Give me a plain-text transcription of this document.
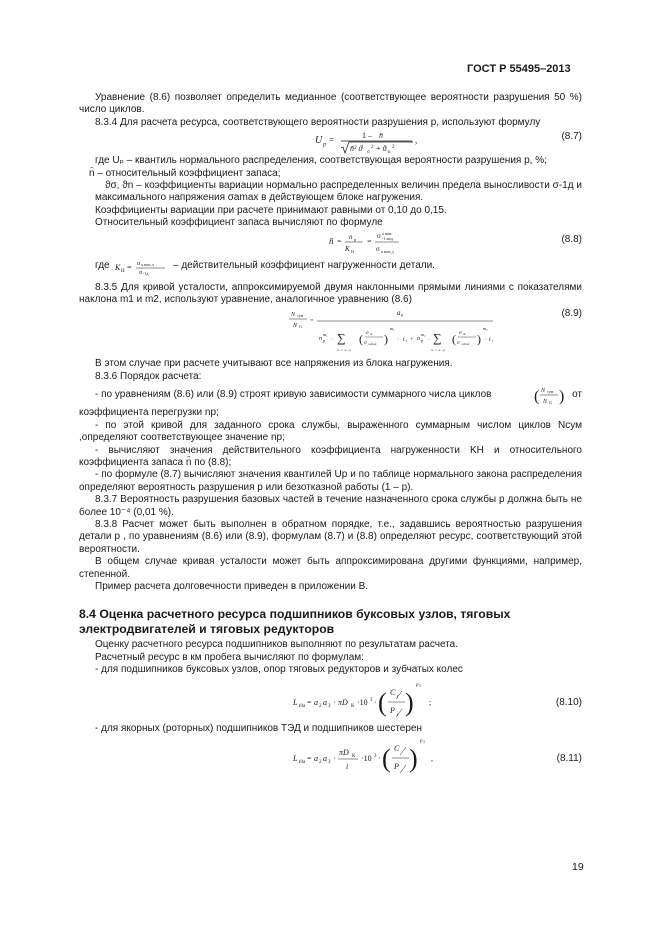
ГОСТ Р 55495–2013

Уравнение (8.6) позволяет определить медианное (соответствующее вероятности разрушения 50 %) число циклов.

8.3.4 Для расчета ресурса, соответствующего вероятности разрушения p, используют формулу

U p =	1 – n̄
n̄² ϑ σ
2 + ϑ n
2
,	(8.7)

где Uₚ – квантиль нормального распределения, соответствующая вероятности разрушения p, %;

n̄ – относительный коэффициент запаса;

ϑσ, ϑn – коэффициенты вариации нормально распределенных величин предела выносливости σ-1д и максимального напряжения σamax в действующем блоке нагружения.

Коэффициенты вариации при расчете принимают равными от 0,10 до 0,15.

Относительный коэффициент запаса вычисляют по формуле

n̄ = n p
K Н
=
σ a max
-1 мод
σ a max д
(8.8)
где K Н = σ a max д
σ -1д
– действительный коэффициент нагруженности детали.

8.3.5 Для кривой усталости, аппроксимируемой двумя наклонными прямыми линиями с показателями наклона m1 и m2, используют уравнение, аналогичное уравнению (8.6)

N сум
N G
=
a p
n
m₁
p · ∑
σₐᵢ ≥ σ₋₁д
( σ ai
σ a max )
m₁
· t i + n
m₂
p · ∑
σₐᵢ < σ₋₁д
( σ ai
σ a max )
m₂
· t i
(8.9)

В этом случае при расчете учитывают все напряжения из блока нагружения.

8.3.6 Порядок расчета:

- по уравнениям (8.6) или (8.9) строят кривую зависимости суммарного числа циклов	( N сум
N G ) от

коэффициента перегрузки nр;

- по этой кривой для заданного срока службы, выраженного суммарным числом циклов Nсум ,определяют соответствующее значение nр;

- вычисляют значения действительного коэффициента нагруженности KН и относительного коэффициента запаса n̄ по (8.8);

- по формуле (8.7) вычисляют значения квантилей Uр и по таблице нормального закона распределения определяют вероятность разрушения p или безотказной работы (1 – p).

8.3.7 Вероятность разрушения базовых частей в течение назначенного срока службы p должна быть не более 10⁻⁴ (0,01 %).

8.3.8 Расчет может быть выполнен в обратном порядке, т.е., задавшись вероятностью разрушения детали p , по уравнениям (8.6) или (8.9), формулам (8.7) и (8.8) определяют ресурс, соответствующий этой вероятности.

В общем случае кривая усталости может быть аппроксимирована другими функциями, например, степенной.

Пример расчета долговечности приведен в приложении В.

8.4 Оценка расчетного ресурса подшипников буксовых узлов, тяговых электродвигателей и тяговых редукторов

Оценку расчетного ресурса подшипников выполняют по результатам расчета.

Расчетный ресурс в км пробега вычисляют по формулам:

- для подшипников буксовых узлов, опор тяговых редукторов и зубчатых колес

L 10a = a 2 a 3 · πD К ·10 3 · ( C
r
P
r )
p 1
;	(8.10)

- для якорных (роторных) подшипников ТЭД и подшипников шестерен

L 10a = a 2 a 3 ·
πD К
i
·10 3 · ( C
P )
p 1
,	(8.11)
19
